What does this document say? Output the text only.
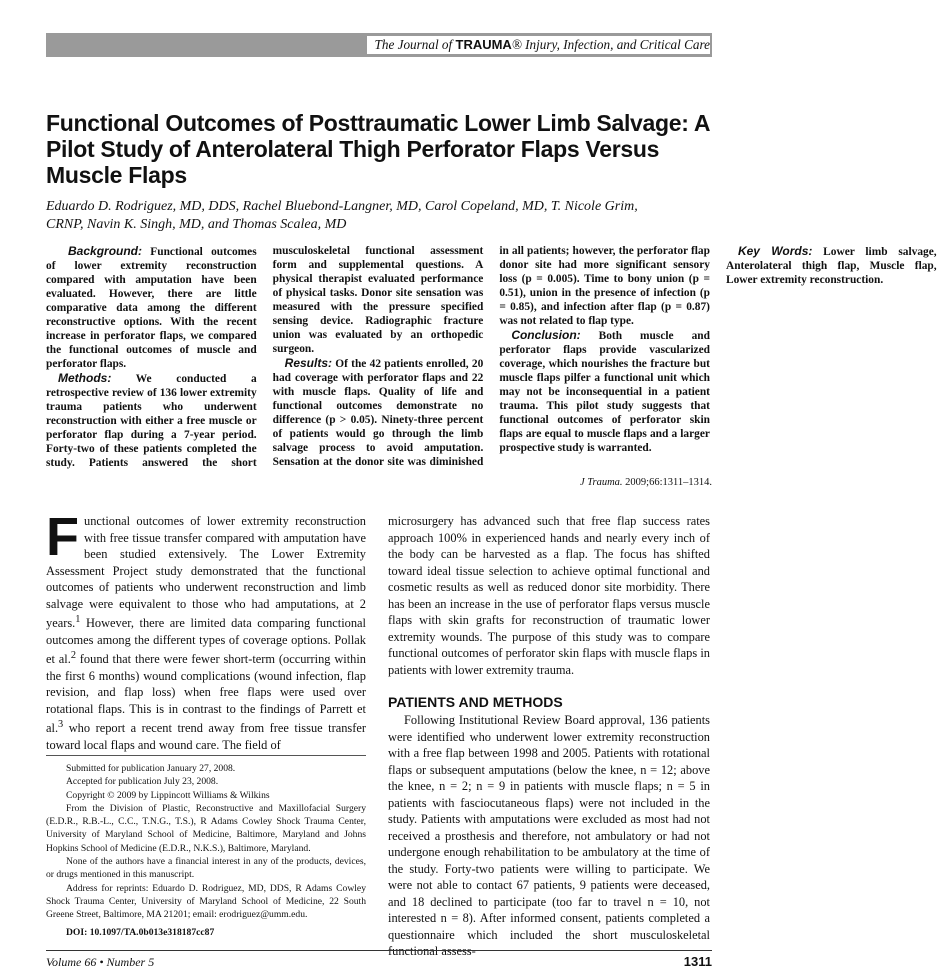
The Journal of TRAUMA® Injury, Infection, and Critical Care
Functional Outcomes of Posttraumatic Lower Limb Salvage: A Pilot Study of Anterolateral Thigh Perforator Flaps Versus Muscle Flaps
Eduardo D. Rodriguez, MD, DDS, Rachel Bluebond-Langner, MD, Carol Copeland, MD, T. Nicole Grim, CRNP, Navin K. Singh, MD, and Thomas Scalea, MD

Background: Functional outcomes of lower extremity reconstruction compared with amputation have been evaluated. However, there are little comparative data among the different reconstructive options. With the recent increase in perforator flaps, we compared the functional outcomes of muscle and perforator flaps.

Methods: We conducted a retrospective review of 136 lower extremity trauma patients who underwent reconstruction with either a free muscle or perforator flap during a 7-year period. Forty-two of these patients completed the study. Patients answered the short musculoskeletal functional assessment form and supplemental questions. A physical therapist evaluated performance of physical tasks. Donor site sensation was measured with the pressure specified sensing device. Radiographic fracture union was evaluated by an orthopedic surgeon.

Results: Of the 42 patients enrolled, 20 had coverage with perforator flaps and 22 with muscle flaps. Quality of life and functional outcomes demonstrate no difference (p > 0.05). Ninety-three percent of patients would go through the limb salvage process to avoid amputation. Sensation at the donor site was diminished in all patients; however, the perforator flap donor site had more significant sensory loss (p = 0.005). Time to bony union (p = 0.51), union in the presence of infection (p = 0.85), and infection after flap (p = 0.87) was not related to flap type.

Conclusion: Both muscle and perforator flaps provide vascularized coverage, which nourishes the fracture but muscle flaps pilfer a functional unit which may not be inconsequential in a patient trauma. This pilot study suggests that functional outcomes of perforator skin flaps are equal to muscle flaps and a larger prospective study is warranted.

Key Words: Lower limb salvage, Anterolateral thigh flap, Muscle flap, Lower extremity reconstruction.

J Trauma. 2009;66:1311–1314.

Functional outcomes of lower extremity reconstruction with free tissue transfer compared with amputation have been studied extensively. The Lower Extremity Assessment Project study demonstrated that the functional outcomes of patients who underwent reconstruction and limb salvage were equivalent to those who had amputations, at 2 years.$^1$ However, there are limited data comparing functional outcomes among the different types of coverage options. Pollak et al.$^2$ found that there were fewer short-term (occurring within the first 6 months) wound complications (wound infection, flap revision, and flap loss) when free flaps were used over rotational flaps. This is in contrast to the findings of Parrett et al.$^3$ who report a recent trend away from free tissue transfer toward local flaps and wound care. The field of

Submitted for publication January 27, 2008.

Accepted for publication July 23, 2008.

Copyright © 2009 by Lippincott Williams & Wilkins

From the Division of Plastic, Reconstructive and Maxillofacial Surgery (E.D.R., R.B.-L., C.C., T.N.G., T.S.), R Adams Cowley Shock Trauma Center, University of Maryland School of Medicine, Baltimore, Maryland and Johns Hopkins School of Medicine (E.D.R., N.K.S.), Baltimore, Maryland.

None of the authors have a financial interest in any of the products, devices, or drugs mentioned in this manuscript.

Address for reprints: Eduardo D. Rodriguez, MD, DDS, R Adams Cowley Shock Trauma Center, University of Maryland School of Medicine, 22 South Greene Street, Baltimore, MA 21201; email: erodriguez@umm.edu.

DOI: 10.1097/TA.0b013e318187cc87

microsurgery has advanced such that free flap success rates approach 100% in experienced hands and nearly every inch of the body can be harvested as a flap. The focus has shifted toward ideal tissue selection to achieve optimal functional and cosmetic results as well as reduced donor site morbidity. There has been an increase in the use of perforator flaps versus muscle flaps with skin grafts for reconstruction of traumatic lower extremity wounds. The purpose of this study was to compare functional outcomes of perforator skin flaps with muscle flaps in patients with lower extremity trauma.

PATIENTS AND METHODS

Following Institutional Review Board approval, 136 patients were identified who underwent lower extremity reconstruction with a free flap between 1998 and 2005. Patients with rotational flaps or subsequent amputations (below the knee, n = 12; above the knee, n = 2; n = 9 in patients with muscle flaps; n = 5 in patients with fasciocutaneous flaps) were not included in the study. Patients with amputations were excluded as most had not received a prosthesis and therefore, not ambulatory or had not undergone enough rehabilitation to be ambulatory at the time of the study. Forty-two patients were willing to participate. We were not able to contact 67 patients, 9 patients were deceased, and 18 declined to participate (too far to travel n = 10, not interested n = 8). After informed consent, patients completed a questionnaire which included the short musculoskeletal functional assess-

Volume 66 • Number 5	1311
